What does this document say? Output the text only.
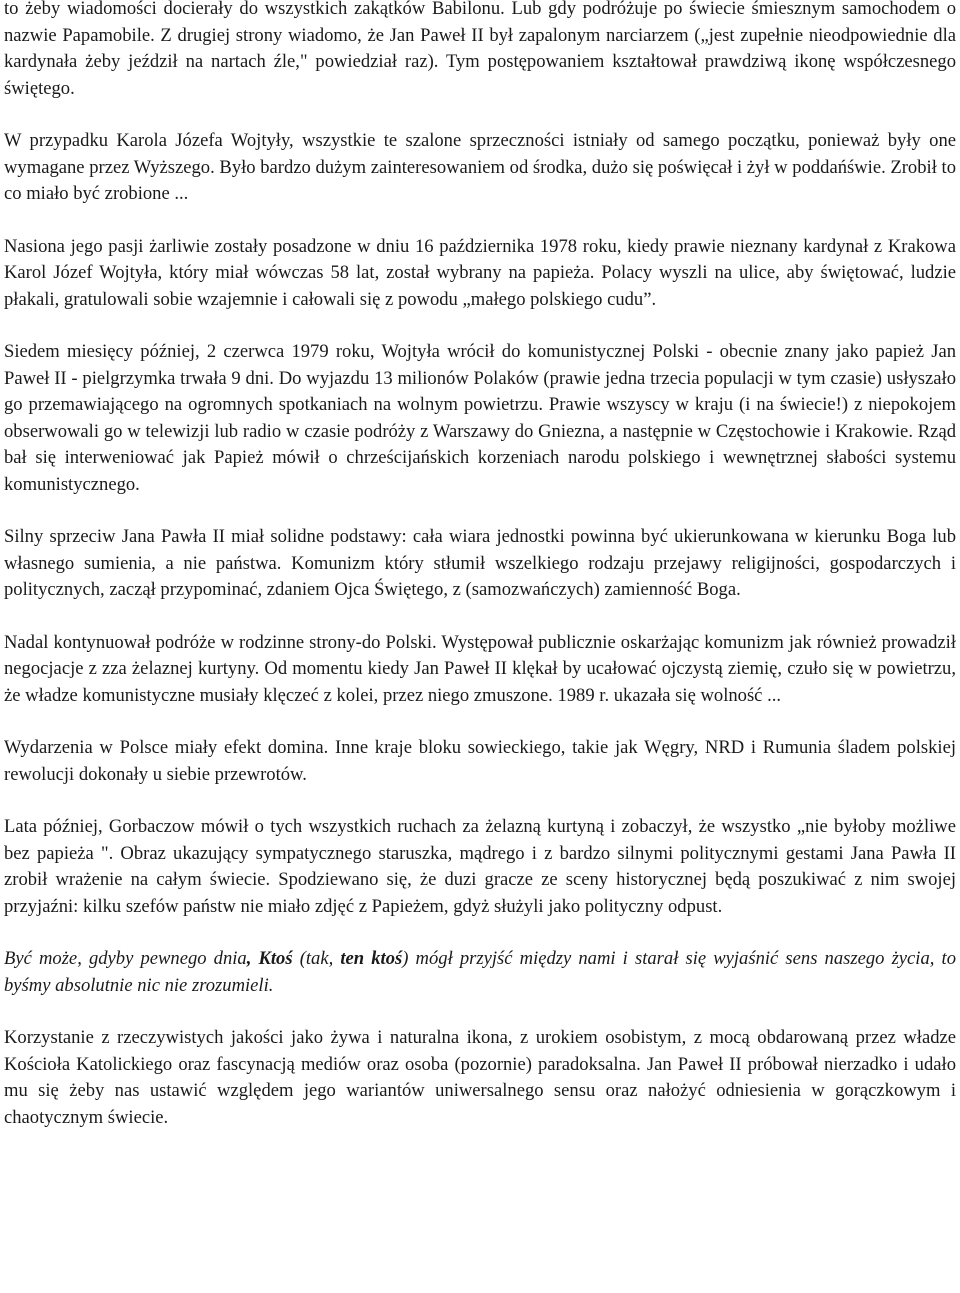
to żeby wiadomości docierały do wszystkich zakątków Babilonu. Lub gdy podróżuje po świecie śmiesznym samochodem o nazwie Papamobile. Z drugiej strony wiadomo, że Jan Paweł II był zapalonym narciarzem („jest zupełnie nieodpowiednie dla kardynała żeby jeździł na nartach źle," powiedział raz). Tym postępowaniem kształtował prawdziwą ikonę współczesnego świętego.

W przypadku Karola Józefa Wojtyły, wszystkie te szalone sprzeczności istniały od samego początku, ponieważ były one wymagane przez Wyższego. Było bardzo dużym zainteresowaniem od środka, dużo się poświęcał i żył w poddańświe. Zrobił to co miało być zrobione ...

Nasiona jego pasji żarliwie zostały posadzone w dniu 16 października 1978 roku, kiedy prawie nieznany kardynał z Krakowa Karol Józef Wojtyła, który miał wówczas 58 lat, został wybrany na papieża. Polacy wyszli na ulice, aby świętować, ludzie płakali, gratulowali sobie wzajemnie i całowali się z powodu „małego polskiego cudu”.

Siedem miesięcy później, 2 czerwca 1979 roku, Wojtyła wrócił do komunistycznej Polski - obecnie znany jako papież Jan Paweł II - pielgrzymka trwała 9 dni. Do wyjazdu 13 milionów Polaków (prawie jedna trzecia populacji w tym czasie) usłyszało go przemawiającego na ogromnych spotkaniach na wolnym powietrzu. Prawie wszyscy w kraju (i na świecie!) z niepokojem obserwowali go w telewizji lub radio w czasie podróży z Warszawy do Gniezna, a następnie w Częstochowie i Krakowie. Rząd bał się interweniować jak Papież mówił o chrześcijańskich korzeniach narodu polskiego i wewnętrznej słabości systemu komunistycznego.

Silny sprzeciw Jana Pawła II miał solidne podstawy: cała wiara jednostki powinna być ukierunkowana w kierunku Boga lub własnego sumienia, a nie państwa. Komunizm który stłumił wszelkiego rodzaju przejawy religijności, gospodarczych i politycznych, zaczął przypominać, zdaniem Ojca Świętego, z (samozwańczych) zamienność Boga.

Nadal kontynuował podróże w rodzinne strony-do Polski. Występował publicznie oskarżając komunizm jak również prowadził negocjacje z zza żelaznej kurtyny. Od momentu kiedy Jan Paweł II klękał by ucałować ojczystą ziemię, czuło się w powietrzu, że władze komunistyczne musiały klęczeć z kolei, przez niego zmuszone. 1989 r. ukazała się wolność ...

Wydarzenia w Polsce miały efekt domina. Inne kraje bloku sowieckiego, takie jak Węgry, NRD i Rumunia śladem polskiej rewolucji dokonały u siebie przewrotów.

Lata później, Gorbaczow mówił o tych wszystkich ruchach za żelazną kurtyną i zobaczył, że wszystko „nie byłoby możliwe bez papieża ". Obraz ukazujący sympatycznego staruszka, mądrego i z bardzo silnymi politycznymi gestami Jana Pawła II zrobił wrażenie na całym świecie. Spodziewano się, że duzi gracze ze sceny historycznej będą poszukiwać z nim swojej przyjaźni: kilku szefów państw nie miało zdjęć z Papieżem, gdyż służyli jako polityczny odpust.

Być może, gdyby pewnego dnia, Ktoś (tak, ten ktoś) mógł przyjść między nami i starał się wyjaśnić sens naszego życia, to byśmy absolutnie nic nie zrozumieli.

Korzystanie z rzeczywistych jakości jako żywa i naturalna ikona, z urokiem osobistym, z mocą obdarowaną przez władze Kościoła Katolickiego oraz fascynacją mediów oraz osoba (pozornie) paradoksalna. Jan Paweł II próbował nierzadko i udało mu się żeby nas ustawić względem jego wariantów uniwersalnego sensu oraz nałożyć odniesienia w gorączkowym i chaotycznym świecie.
